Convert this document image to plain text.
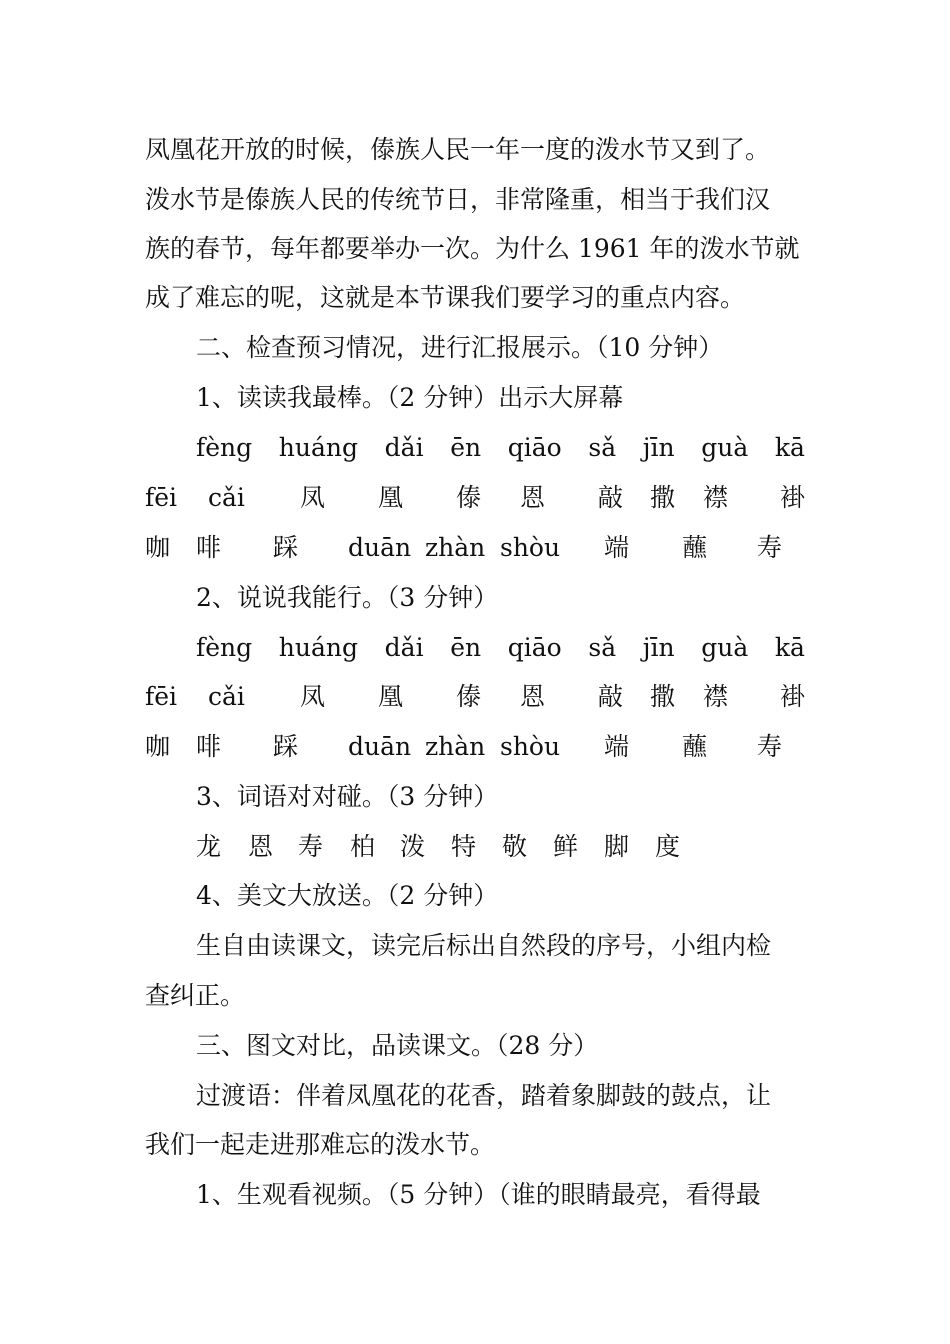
凤凰花开放的时候，傣族人民一年一度的泼水节又到了。
泼水节是傣族人民的传统节日，非常隆重，相当于我们汉
族的春节，每年都要举办一次。为什么 1961 年的泼水节就
成了难忘的呢，这就是本节课我们要学习的重点内容。
二、检查预习情况，进行汇报展示。（10 分钟）
1、读读我最棒。（2 分钟）出示大屏幕
fèng huáng dǎi ēn qiāo sǎ jīn guà kā
fēi cǎi 凤 凰 傣 恩 敲 撒 襟 褂
咖 啡 踩 duān zhàn shòu 端 蘸 寿
2、说说我能行。（3 分钟）
fèng huáng dǎi ēn qiāo sǎ jīn guà kā
fēi cǎi 凤 凰 傣 恩 敲 撒 襟 褂
咖 啡 踩 duān zhàn shòu 端 蘸 寿
3、词语对对碰。（3 分钟）
龙 恩 寿 柏 泼 特 敬 鲜 脚 度
4、美文大放送。（2 分钟）
生自由读课文，读完后标出自然段的序号，小组内检
查纠正。
三、图文对比，品读课文。（28 分）
过渡语：伴着凤凰花的花香，踏着象脚鼓的鼓点，让
我们一起走进那难忘的泼水节。
1、生观看视频。（5 分钟）（谁的眼睛最亮，看得最
